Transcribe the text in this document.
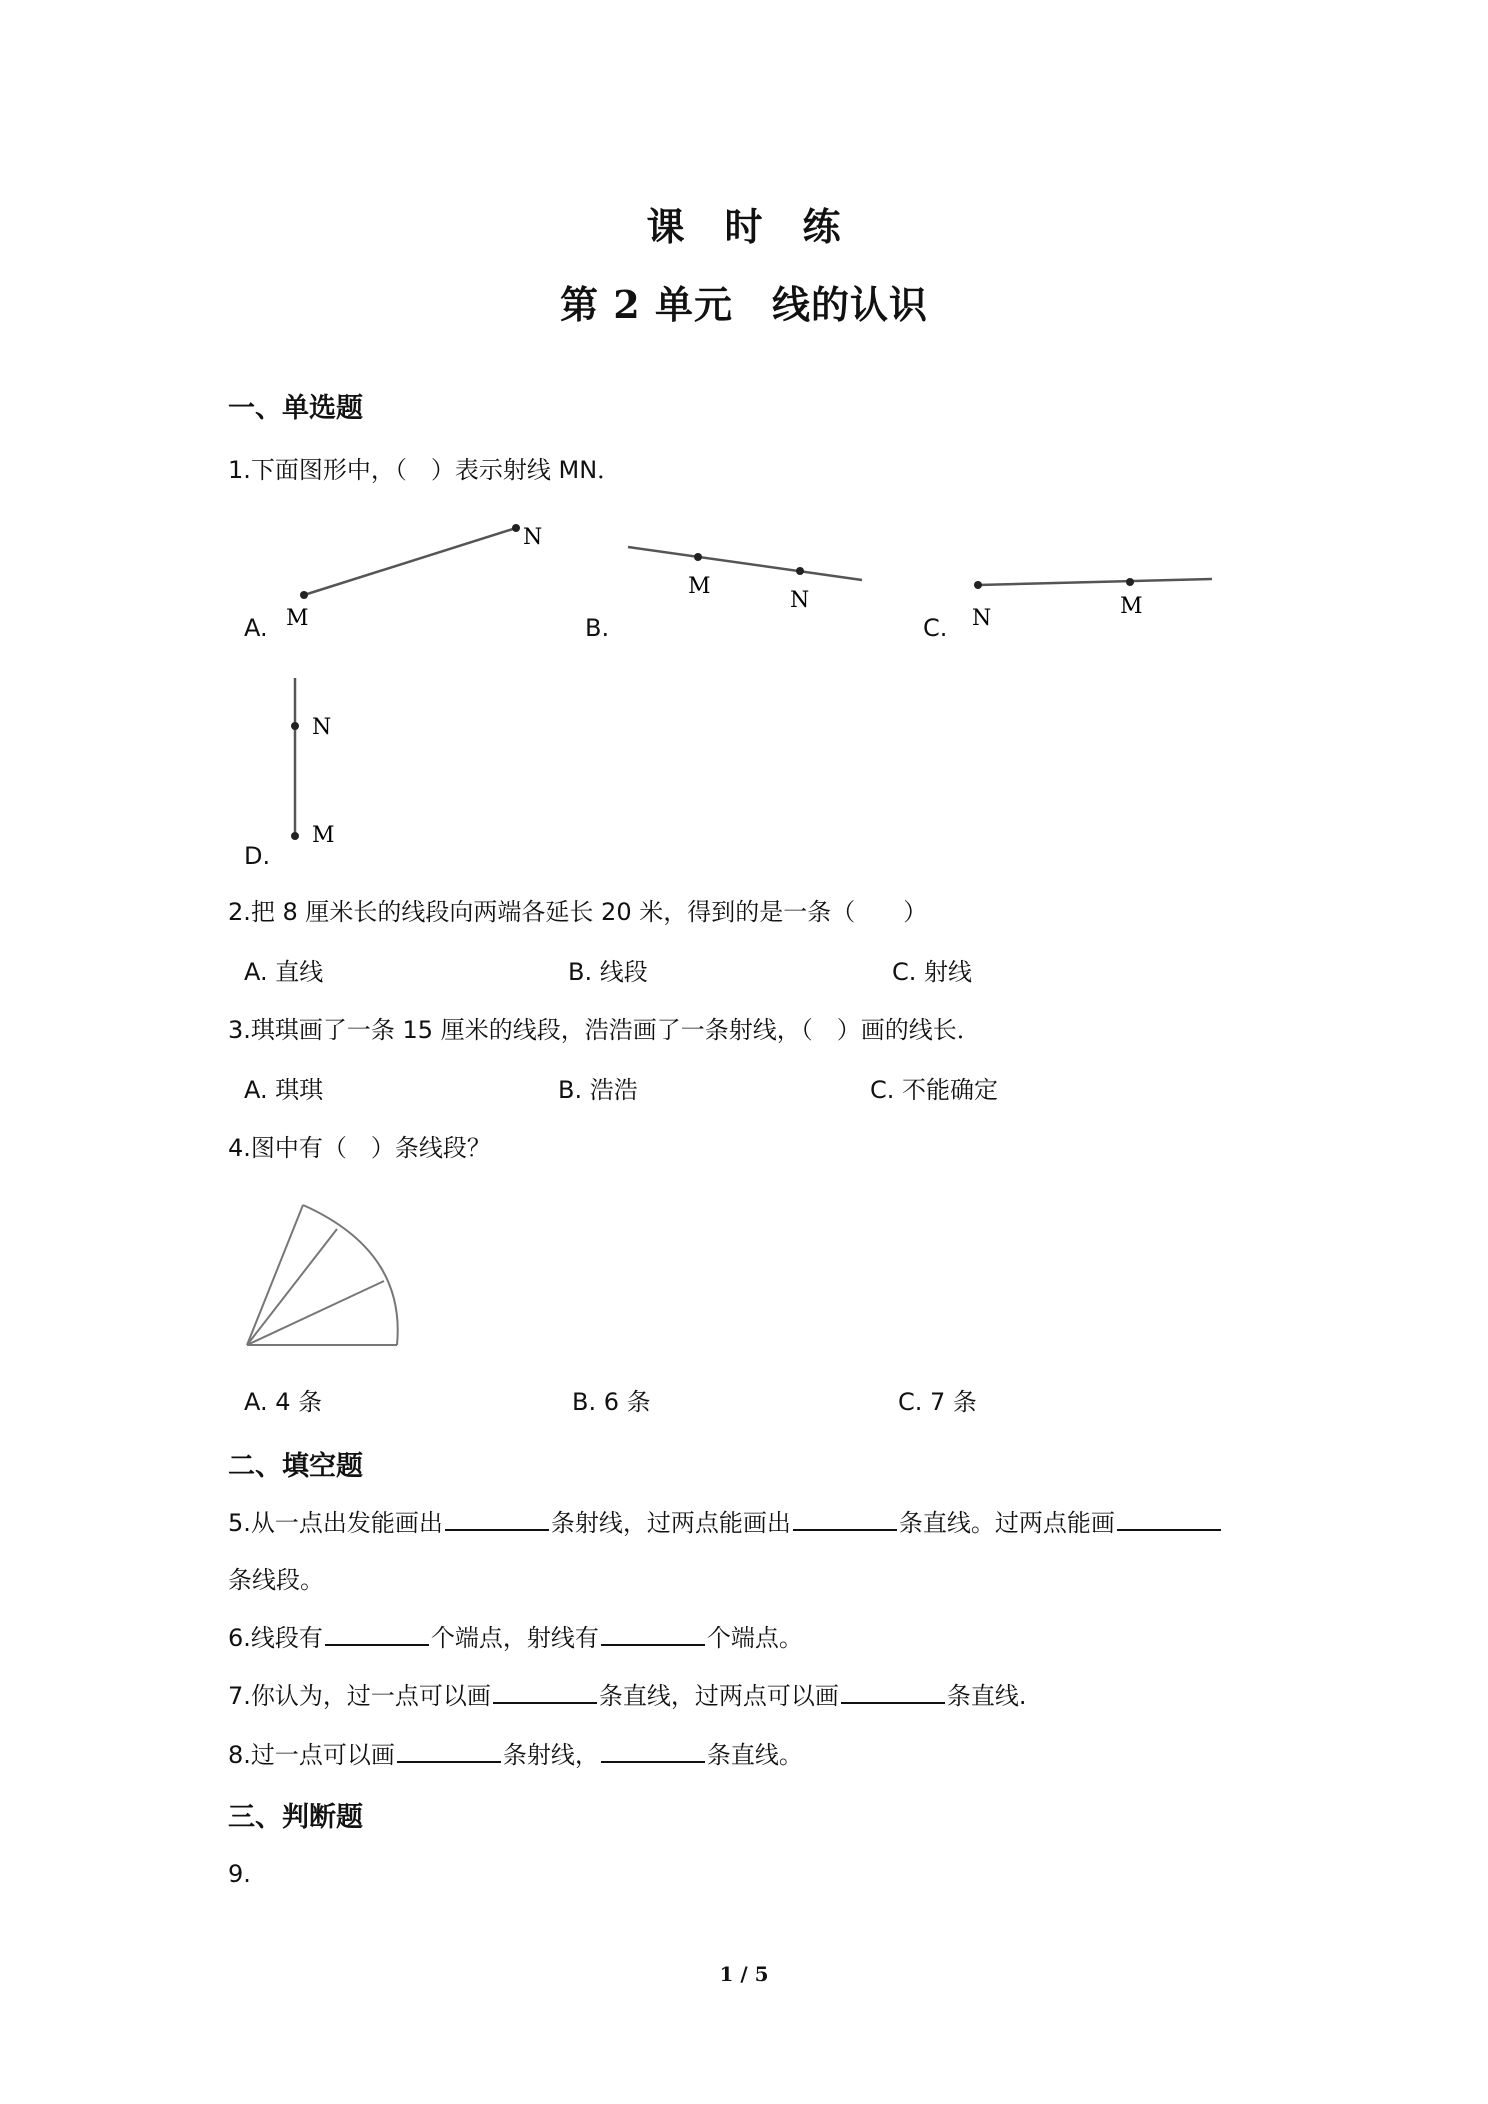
课　时　练
第 2 单元　线的认识
一、单选题
1.下面图形中，（　）表示射线 MN．
A.	B.	C.
D.
M
N
M
N
N	M
N
M
2.把 8 厘米长的线段向两端各延长 20 米，得到的是一条（　　）
A. 直线	B. 线段	C. 射线
3.琪琪画了一条 15 厘米的线段，浩浩画了一条射线，（　）画的线长．
A. 琪琪	B. 浩浩	C. 不能确定
4.图中有（　）条线段？
A. 4 条	B. 6 条	C. 7 条
二、填空题
5.从一点出发能画出	条射线，过两点能画出	条直线。过两点能画
条线段。
6.线段有	个端点，射线有	个端点。
7.你认为，过一点可以画	条直线，过两点可以画	条直线.
8.过一点可以画	条射线，	条直线。
三、判断题
9.
1 / 5
